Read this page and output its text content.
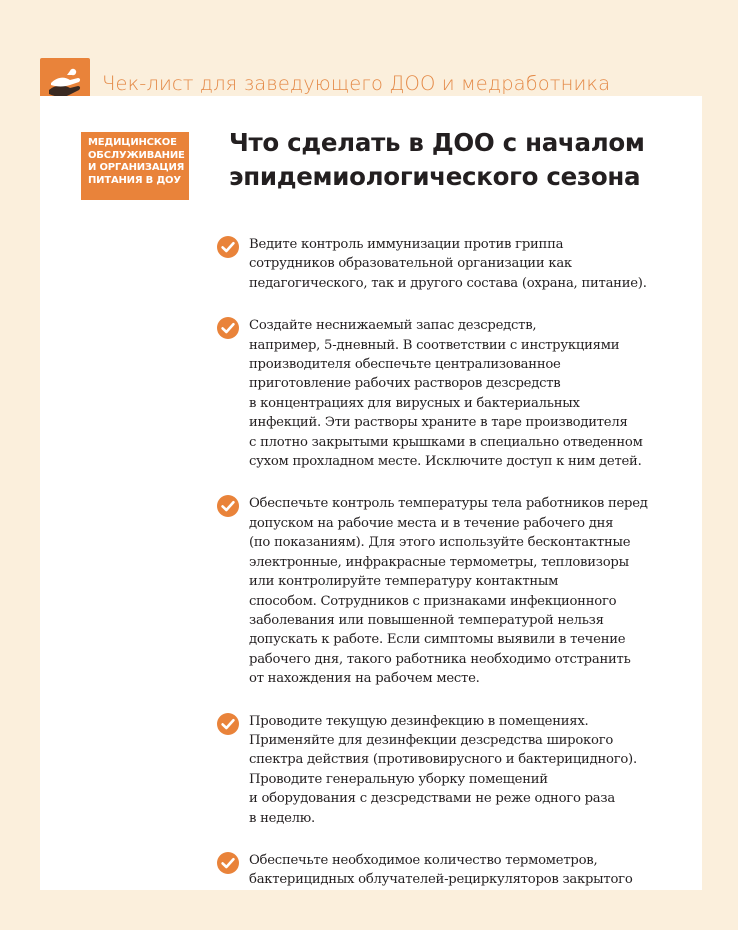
Чек-лист для заведующего ДОО и медработника
МЕДИЦИНСКОЕ
ОБСЛУЖИВАНИЕ
И ОРГАНИЗАЦИЯ
ПИТАНИЯ В ДОУ
Что сделать в ДОО с началом
эпидемиологического сезона
Ведите контроль иммунизации против гриппа
сотрудников образовательной организации как
педагогического, так и другого состава (охрана, питание).
Создайте неснижаемый запас дезсредств,
например, 5-дневный. В соответствии с инструкциями
производителя обеспечьте централизованное
приготовление рабочих растворов дезсредств
в концентрациях для вирусных и бактериальных
инфекций. Эти растворы храните в таре производителя
с плотно закрытыми крышками в специально отведенном
сухом прохладном месте. Исключите доступ к ним детей.
Обеспечьте контроль температуры тела работников перед
допуском на рабочие места и в течение рабочего дня
(по показаниям). Для этого используйте бесконтактные
электронные, инфракрасные термометры, тепловизоры
или контролируйте температуру контактным
способом. Сотрудников с признаками инфекционного
заболевания или повышенной температурой нельзя
допускать к работе. Если симптомы выявили в течение
рабочего дня, такого работника необходимо отстранить
от нахождения на рабочем месте.
Проводите текущую дезинфекцию в помещениях.
Применяйте для дезинфекции дезсредства широкого
спектра действия (противовирусного и бактерицидного).
Проводите генеральную уборку помещений
и оборудования с дезсредствами не реже одного раза
в неделю.
Обеспечьте необходимое количество термометров,
бактерицидных облучателей-рециркуляторов закрытого
